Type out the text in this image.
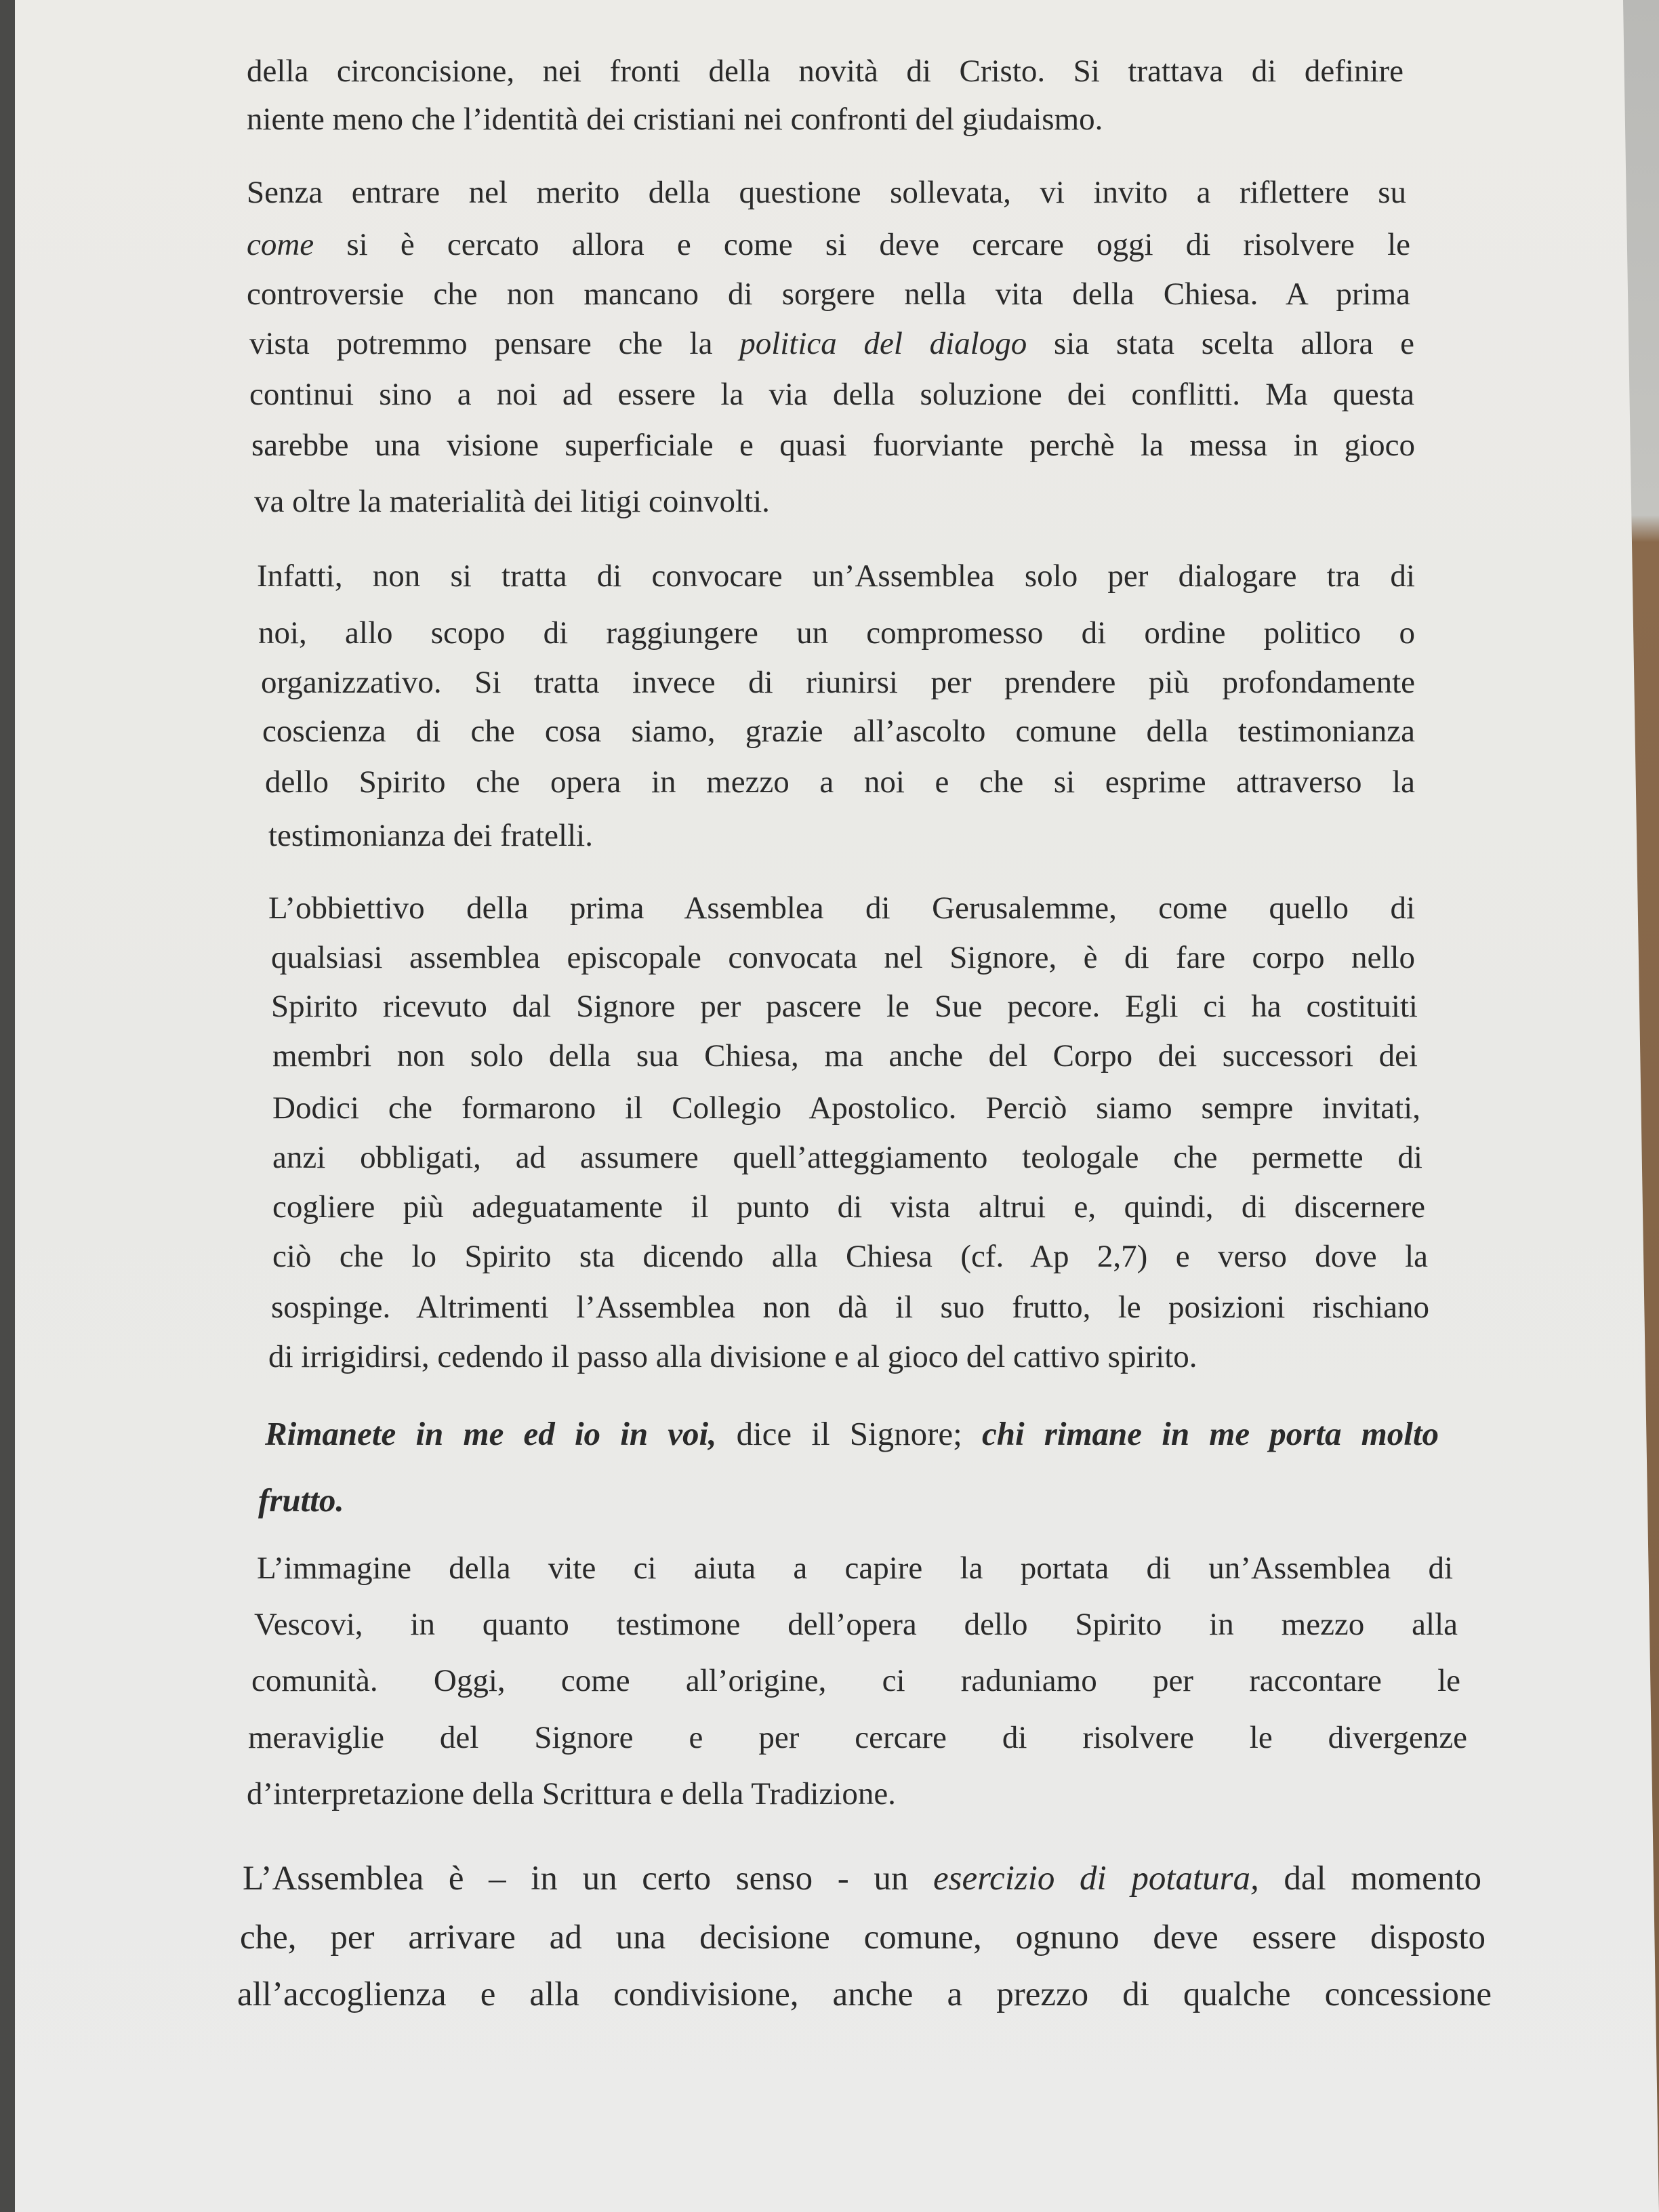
della circoncisione, nei fronti della novità di Cristo. Si trattava di definire
niente meno che l’identità dei cristiani nei confronti del giudaismo.
Senza entrare nel merito della questione sollevata, vi invito a riflettere su
come si è cercato allora e come si deve cercare oggi di risolvere le
controversie che non mancano di sorgere nella vita della Chiesa. A prima
vista potremmo pensare che la politica del dialogo sia stata scelta allora e
continui sino a noi ad essere la via della soluzione dei conflitti. Ma questa
sarebbe una visione superficiale e quasi fuorviante perchè la messa in gioco
va oltre la materialità dei litigi coinvolti.
Infatti, non si tratta di convocare un’Assemblea solo per dialogare tra di
noi, allo scopo di raggiungere un compromesso di ordine politico o
organizzativo. Si tratta invece di riunirsi per prendere più profondamente
coscienza di che cosa siamo, grazie all’ascolto comune della testimonianza
dello Spirito che opera in mezzo a noi e che si esprime attraverso la
testimonianza dei fratelli.
L’obbiettivo della prima Assemblea di Gerusalemme, come quello di
qualsiasi assemblea episcopale convocata nel Signore, è di fare corpo nello
Spirito ricevuto dal Signore per pascere le Sue pecore. Egli ci ha costituiti
membri non solo della sua Chiesa, ma anche del Corpo dei successori dei
Dodici che formarono il Collegio Apostolico. Perciò siamo sempre invitati,
anzi obbligati, ad assumere quell’atteggiamento teologale che permette di
cogliere più adeguatamente il punto di vista altrui e, quindi, di discernere
ciò che lo Spirito sta dicendo alla Chiesa (cf. Ap 2,7) e verso dove la
sospinge. Altrimenti l’Assemblea non dà il suo frutto, le posizioni rischiano
di irrigidirsi, cedendo il passo alla divisione e al gioco del cattivo spirito.
Rimanete in me ed io in voi, dice il Signore; chi rimane in me porta molto
frutto.
L’immagine della vite ci aiuta a capire la portata di un’Assemblea di
Vescovi, in quanto testimone dell’opera dello Spirito in mezzo alla
comunità. Oggi, come all’origine, ci raduniamo per raccontare le
meraviglie del Signore e per cercare di risolvere le divergenze
d’interpretazione della Scrittura e della Tradizione.
L’Assemblea è – in un certo senso - un esercizio di potatura, dal momento
che, per arrivare ad una decisione comune, ognuno deve essere disposto
all’accoglienza e alla condivisione, anche a prezzo di qualche concessione
